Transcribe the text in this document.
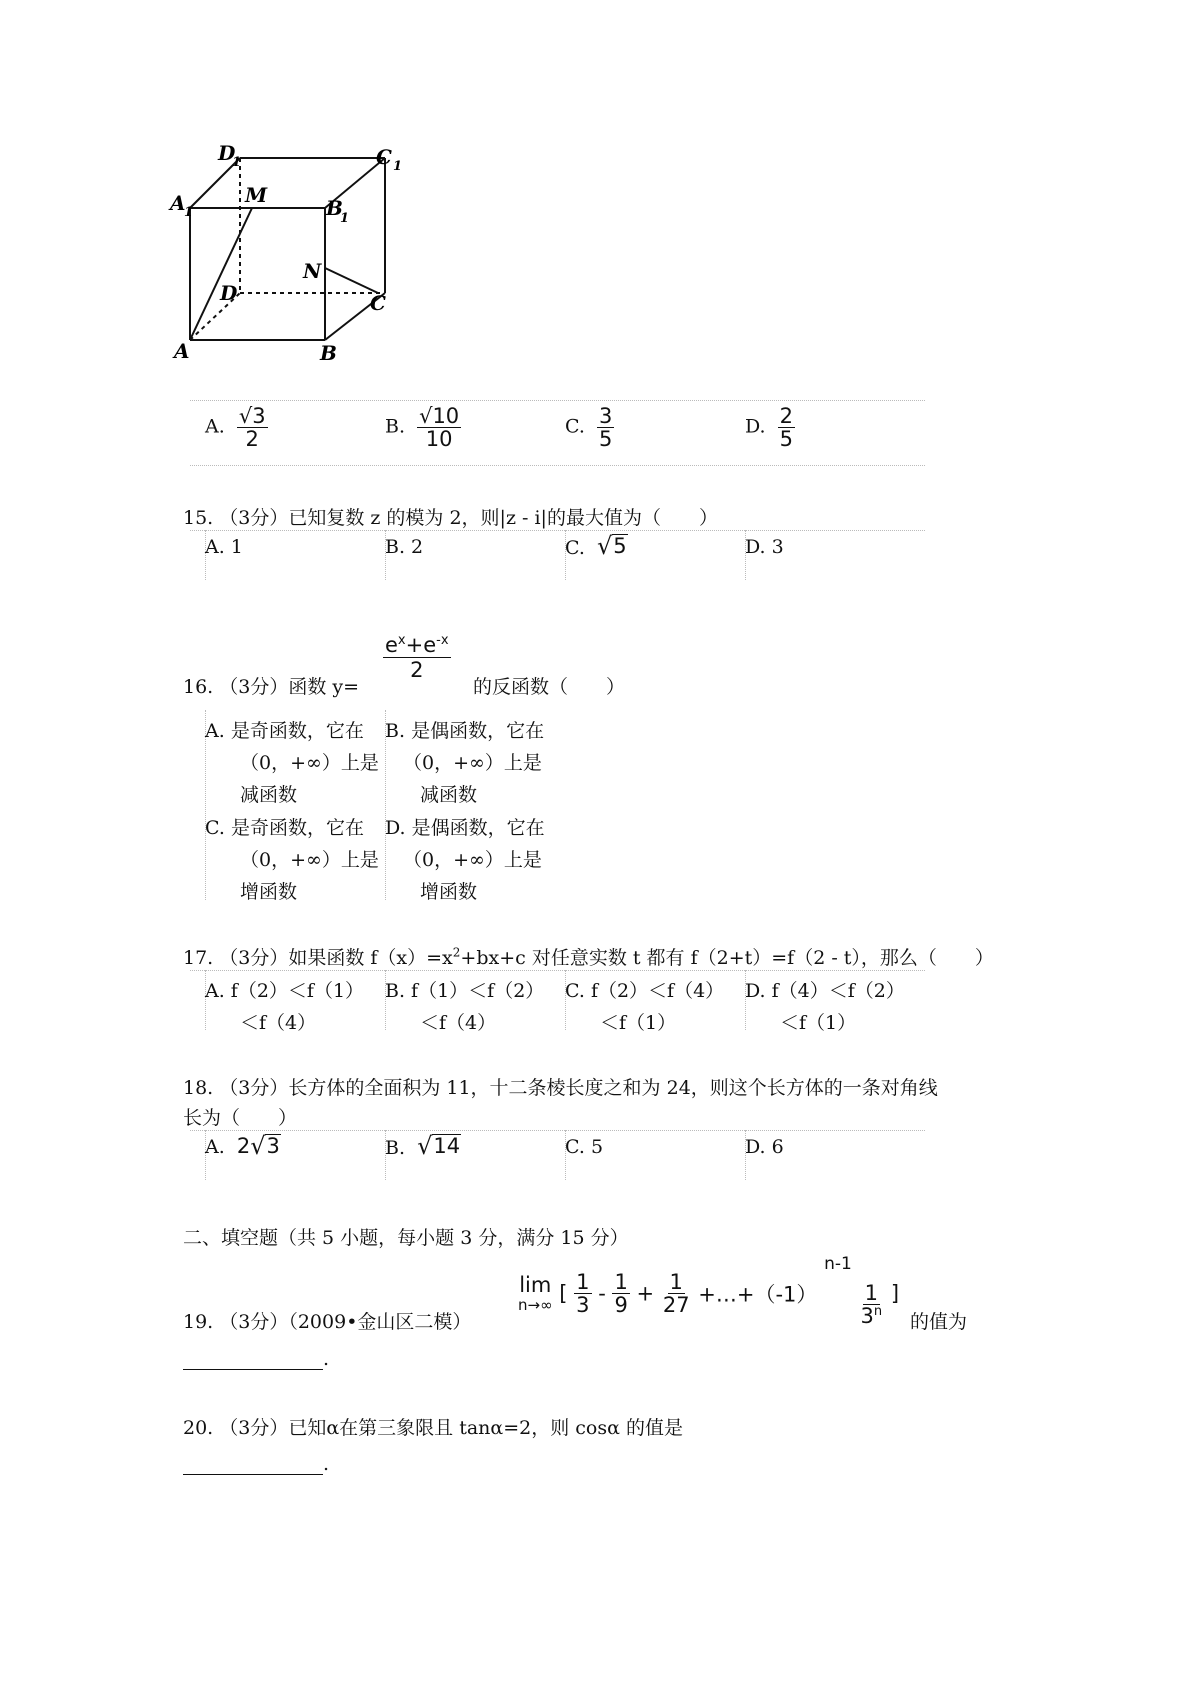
D
1	C 1
A
1
M
B
1
N
D	C
A	B
A. $\frac{√3}{2}$	B. $\frac{√10}{10}$	C. $\frac{3}{5}$	D. $\frac{2}{5}$
15. （3分）已知复数 z 的模为 2，则|z - i|的最大值为（　　）
A. 1	B. 2	C. √ 5	D. 3
$e^x+e^{-x}$
2
16. （3分）函数 y=	的反函数（　　）
A. 是奇函数，它在
（0，+∞）上是
减函数
B. 是偶函数，它在
（0，+∞）上是
减函数
C. 是奇函数，它在
（0，+∞）上是
增函数
D. 是偶函数，它在
（0，+∞）上是
增函数
17. （3分）如果函数 $f(x)=x^2+bx+c$ 对任意实数 t 都有 f（2+t）=f（2 - t），那么（　　）
A. f（2）＜f（1）
＜f（4）
B. f（1）＜f（2）
＜f（4）
C. f（2）＜f（4）
＜f（1）
D. f（4）＜f（2）
＜f（1）
18. （3分）长方体的全面积为 11，十二条棱长度之和为 24，则这个长方体的一条对角线
长为（　　）
A. 2 √ 3	B. √ 14	C. 5	D. 6
二、填空题（共 5 小题，每小题 3 分，满分 15 分）
19. （3分）（2009•金山区二模）
lim
n→∞ [ $\frac{1}{3} - \frac{1}{9} + \frac{1}{27}$ +…+（-1） n-1
$\frac{1}{3^n}$ ]
的值为
.
20. （3分）已知α在第三象限且 tanα=2，则 cosα 的值是
.
